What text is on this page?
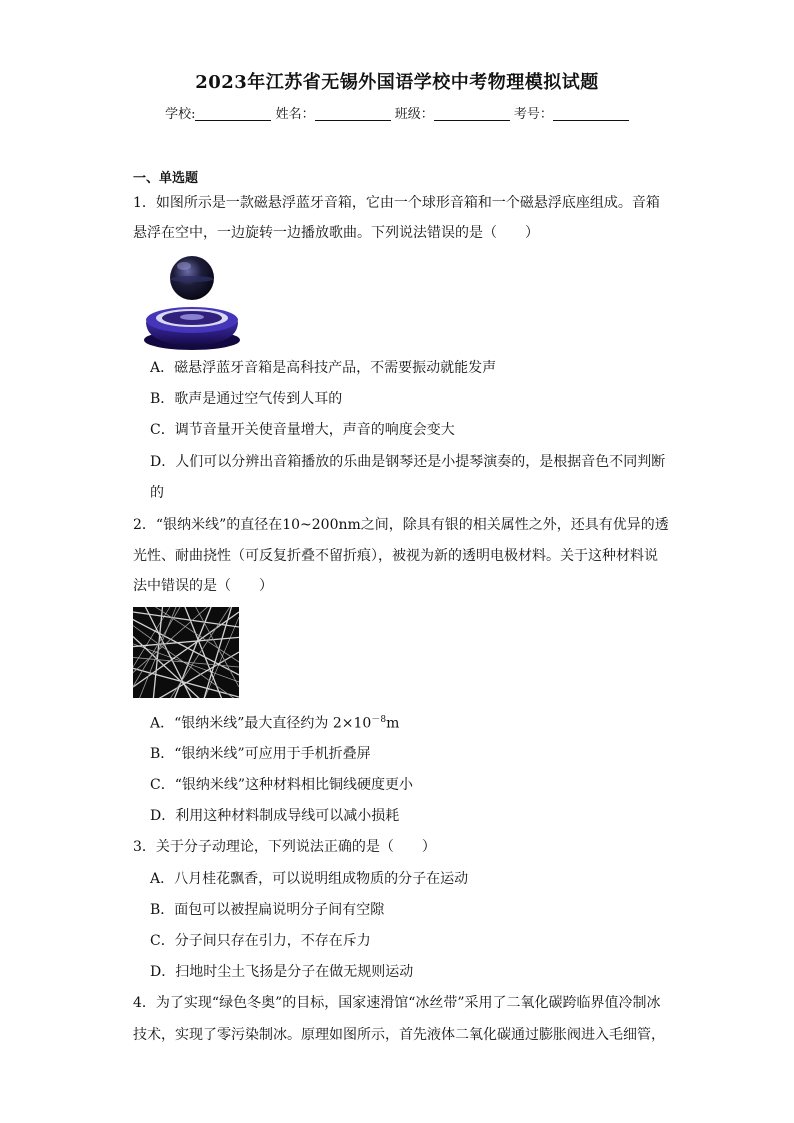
2023年江苏省无锡外国语学校中考物理模拟试题
学校:	姓名：	班级：	考号：
一、单选题
1．如图所示是一款磁悬浮蓝牙音箱，它由一个球形音箱和一个磁悬浮底座组成。音箱
悬浮在空中，一边旋转一边播放歌曲。下列说法错误的是（　　）
A．磁悬浮蓝牙音箱是高科技产品，不需要振动就能发声
B．歌声是通过空气传到人耳的
C．调节音量开关使音量增大，声音的响度会变大
D．人们可以分辨出音箱播放的乐曲是钢琴还是小提琴演奏的，是根据音色不同判断
的
2．“银纳米线”的直径在10~200nm之间，除具有银的相关属性之外，还具有优异的透
光性、耐曲挠性（可反复折叠不留折痕），被视为新的透明电极材料。关于这种材料说
法中错误的是（　　）
A．“银纳米线”最大直径约为 $2\times 10^{-8}m$
B．“银纳米线”可应用于手机折叠屏
C．“银纳米线”这种材料相比铜线硬度更小
D．利用这种材料制成导线可以减小损耗
3．关于分子动理论，下列说法正确的是（　　）
A．八月桂花飘香，可以说明组成物质的分子在运动
B．面包可以被捏扁说明分子间有空隙
C．分子间只存在引力，不存在斥力
D．扫地时尘土飞扬是分子在做无规则运动
4．为了实现“绿色冬奥”的目标，国家速滑馆“冰丝带”采用了二氧化碳跨临界值冷制冰
技术，实现了零污染制冰。原理如图所示，首先液体二氧化碳通过膨胀阀进入毛细管，
